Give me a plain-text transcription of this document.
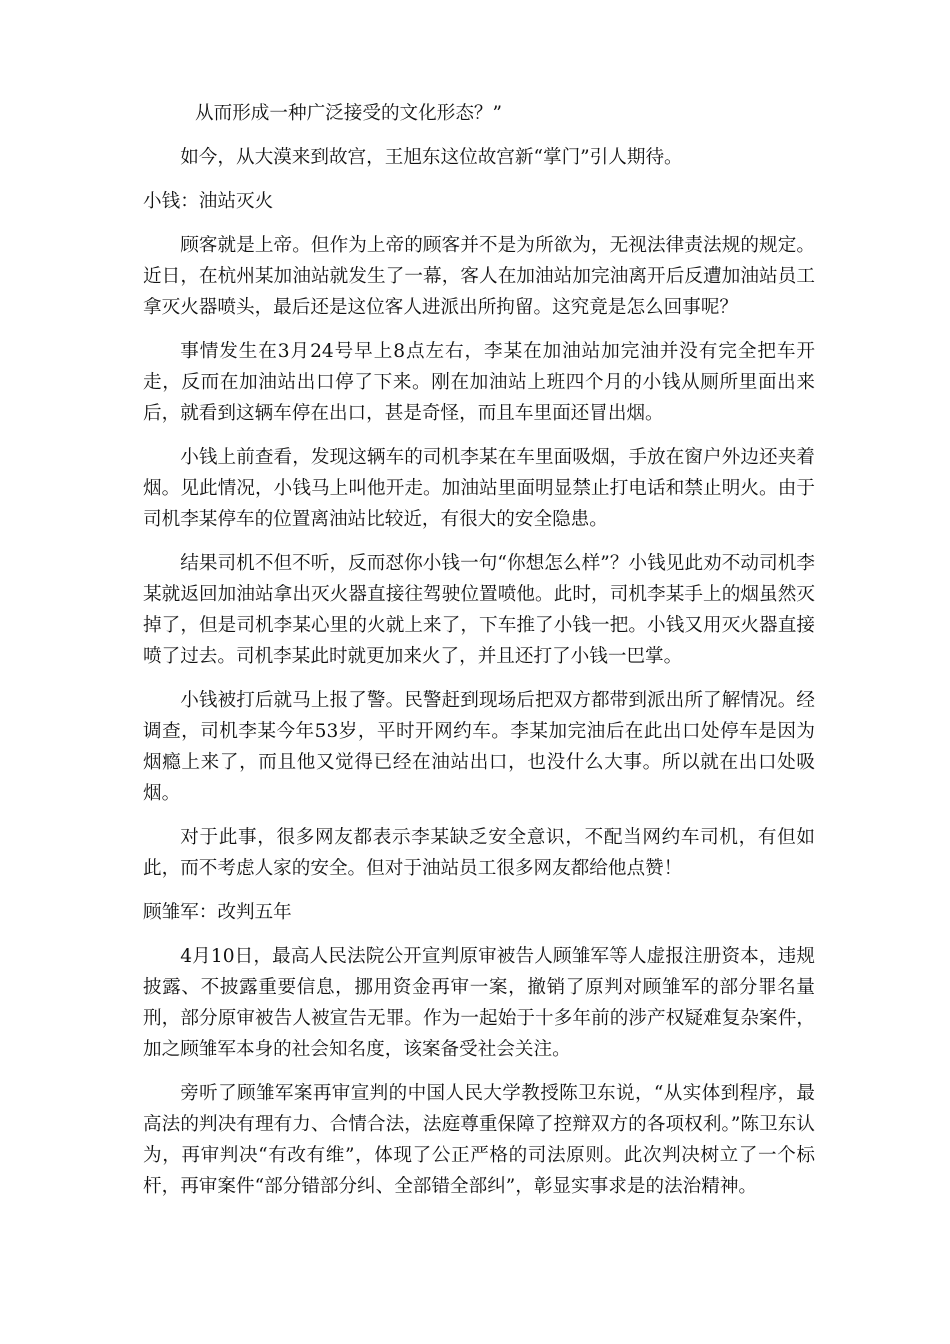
从而形成一种广泛接受的文化形态？”

如今，从大漠来到故宫，王旭东这位故宫新“掌门”引人期待。

小钱：油站灭火

顾客就是上帝。但作为上帝的顾客并不是为所欲为，无视法律责法规的规定。近日，在杭州某加油站就发生了一幕，客人在加油站加完油离开后反遭加油站员工拿灭火器喷头，最后还是这位客人进派出所拘留。这究竟是怎么回事呢？

事情发生在3月24号早上8点左右，李某在加油站加完油并没有完全把车开走，反而在加油站出口停了下来。刚在加油站上班四个月的小钱从厕所里面出来后，就看到这辆车停在出口，甚是奇怪，而且车里面还冒出烟。

小钱上前查看，发现这辆车的司机李某在车里面吸烟，手放在窗户外边还夹着烟。见此情况，小钱马上叫他开走。加油站里面明显禁止打电话和禁止明火。由于司机李某停车的位置离油站比较近，有很大的安全隐患。

结果司机不但不听，反而怼你小钱一句“你想怎么样”？小钱见此劝不动司机李某就返回加油站拿出灭火器直接往驾驶位置喷他。此时，司机李某手上的烟虽然灭掉了，但是司机李某心里的火就上来了，下车推了小钱一把。小钱又用灭火器直接喷了过去。司机李某此时就更加来火了，并且还打了小钱一巴掌。

小钱被打后就马上报了警。民警赶到现场后把双方都带到派出所了解情况。经调查，司机李某今年53岁，平时开网约车。李某加完油后在此出口处停车是因为烟瘾上来了，而且他又觉得已经在油站出口，也没什么大事。所以就在出口处吸烟。

对于此事，很多网友都表示李某缺乏安全意识，不配当网约车司机，有但如此，而不考虑人家的安全。但对于油站员工很多网友都给他点赞！

顾雏军：改判五年

4月10日，最高人民法院公开宣判原审被告人顾雏军等人虚报注册资本，违规披露、不披露重要信息，挪用资金再审一案，撤销了原判对顾雏军的部分罪名量刑，部分原审被告人被宣告无罪。作为一起始于十多年前的涉产权疑难复杂案件，加之顾雏军本身的社会知名度，该案备受社会关注。

旁听了顾雏军案再审宣判的中国人民大学教授陈卫东说，“从实体到程序，最高法的判决有理有力、合情合法，法庭尊重保障了控辩双方的各项权利。”陈卫东认为，再审判决“有改有维”，体现了公正严格的司法原则。此次判决树立了一个标杆，再审案件“部分错部分纠、全部错全部纠”，彰显实事求是的法治精神。
